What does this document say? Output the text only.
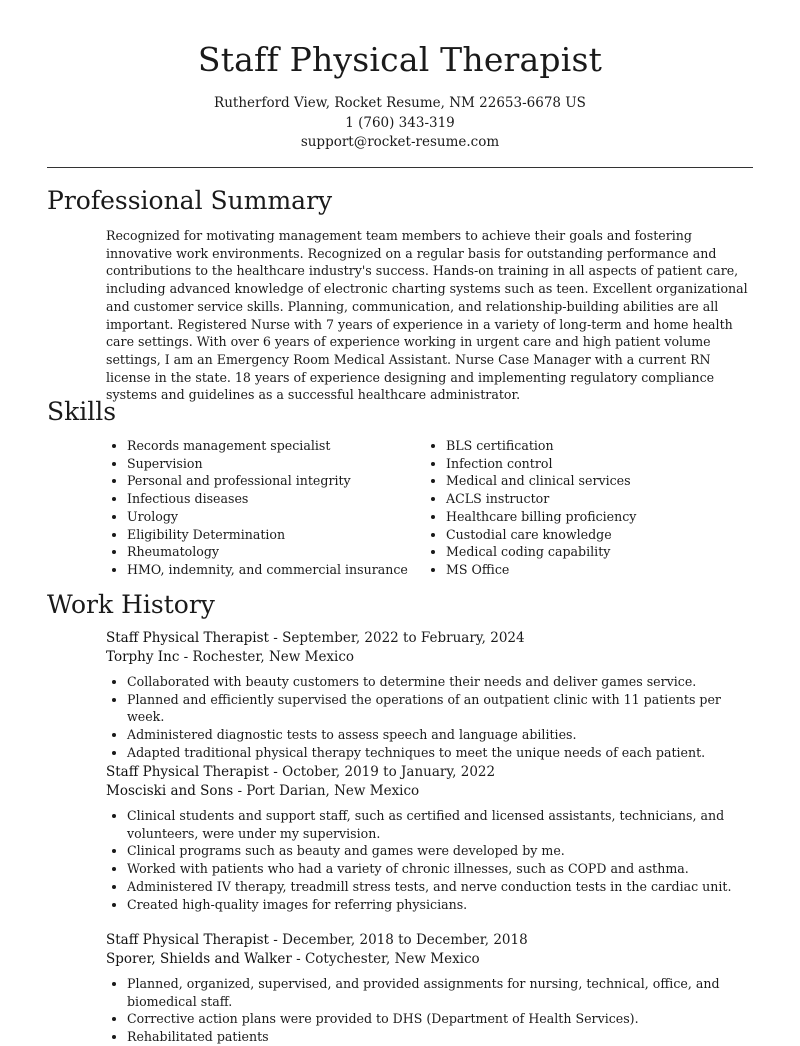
Staff Physical Therapist
Rutherford View, Rocket Resume, NM 22653-6678 US
1 (760) 343-319
support@rocket-resume.com
Professional Summary

Recognized for motivating management team members to achieve their goals and fostering innovative work environments. Recognized on a regular basis for outstanding performance and contributions to the healthcare industry's success. Hands-on training in all aspects of patient care, including advanced knowledge of electronic charting systems such as teen. Excellent organizational and customer service skills. Planning, communication, and relationship-building abilities are all important. Registered Nurse with 7 years of experience in a variety of long-term and home health care settings. With over 6 years of experience working in urgent care and high patient volume settings, I am an Emergency Room Medical Assistant. Nurse Case Manager with a current RN license in the state. 18 years of experience designing and implementing regulatory compliance systems and guidelines as a successful healthcare administrator.

Skills
• Records management specialist
• Supervision
• Personal and professional integrity
• Infectious diseases
• Urology
• Eligibility Determination
• Rheumatology
• HMO, indemnity, and commercial insurance
• BLS certification
• Infection control
• Medical and clinical services
• ACLS instructor
• Healthcare billing proficiency
• Custodial care knowledge
• Medical coding capability
• MS Office
Work History
Staff Physical Therapist - September, 2022 to February, 2024
Torphy Inc - Rochester, New Mexico
• Collaborated with beauty customers to determine their needs and deliver games service.
• Planned and efficiently supervised the operations of an outpatient clinic with 11 patients per week.
• Administered diagnostic tests to assess speech and language abilities.
• Adapted traditional physical therapy techniques to meet the unique needs of each patient.
Staff Physical Therapist - October, 2019 to January, 2022
Mosciski and Sons - Port Darian, New Mexico
• Clinical students and support staff, such as certified and licensed assistants, technicians, and volunteers, were under my supervision.
• Clinical programs such as beauty and games were developed by me.
• Worked with patients who had a variety of chronic illnesses, such as COPD and asthma.
• Administered IV therapy, treadmill stress tests, and nerve conduction tests in the cardiac unit.
• Created high-quality images for referring physicians.
Staff Physical Therapist - December, 2018 to December, 2018
Sporer, Shields and Walker - Cotychester, New Mexico
• Planned, organized, supervised, and provided assignments for nursing, technical, office, and biomedical staff.
• Corrective action plans were provided to DHS (Department of Health Services).
• Rehabilitated patients
